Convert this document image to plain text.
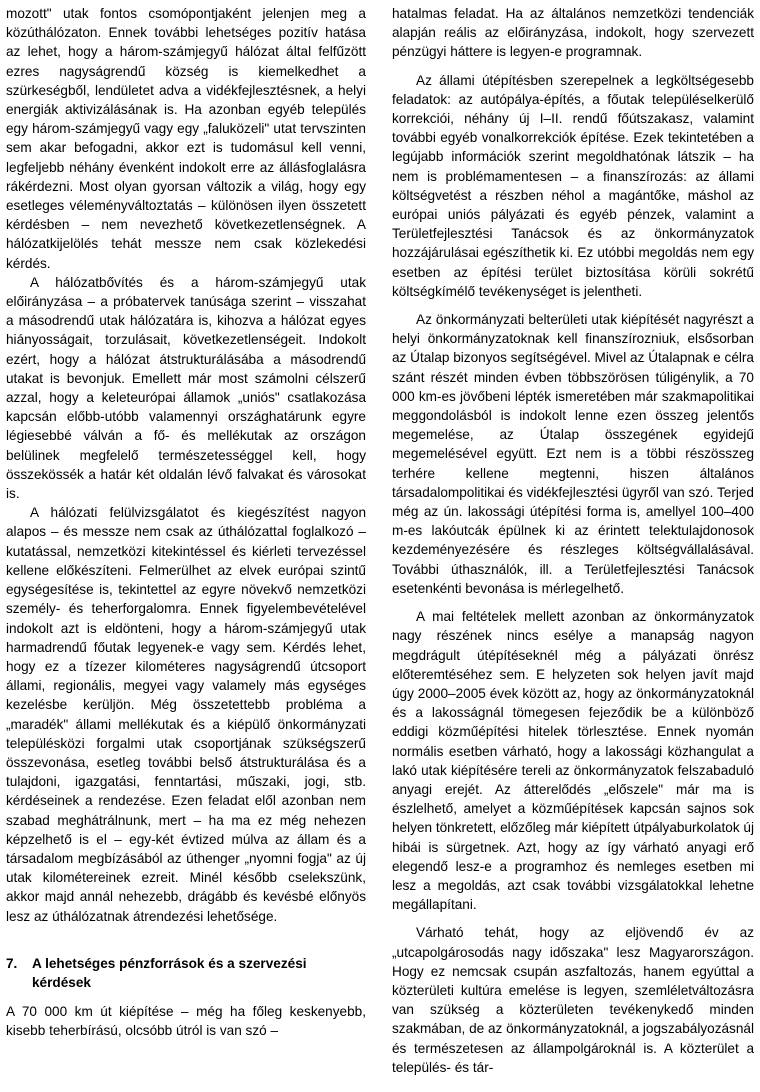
mozott" utak fontos csomópontjaként jelenjen meg a közúthálózaton. Ennek további lehetséges pozitív hatása az lehet, hogy a három-számjegyű hálózat által felfűzött ezres nagyságrendű község is kiemelkedhet a szürkeségből, lendületet adva a vidékfejlesztésnek, a helyi energiák aktivizálásának is. Ha azonban egyéb település egy három-számjegyű vagy egy „faluközeli" utat tervszinten sem akar befogadni, akkor ezt is tudomásul kell venni, legfeljebb néhány évenként indokolt erre az állásfoglalásra rákérdezni. Most olyan gyorsan változik a világ, hogy egy esetleges véleményváltoztatás – különösen ilyen összetett kérdésben – nem nevezhető következetlenségnek. A hálózatkijelölés tehát messze nem csak közlekedési kérdés.

A hálózatbővítés és a három-számjegyű utak előirányzása – a próbatervek tanúsága szerint – visszahat a másodrendű utak hálózatára is, kihozva a hálózat egyes hiányosságait, torzulásait, következetlenségeit. Indokolt ezért, hogy a hálózat átstrukturálásába a másodrendű utakat is bevonjuk. Emellett már most számolni célszerű azzal, hogy a keleteurópai államok „uniós" csatlakozása kapcsán előbb-utóbb valamennyi országhatárunk egyre légiesebbé válván a fő- és mellékutak az országon belülinek megfelelő természetességgel kell, hogy összekössék a határ két oldalán lévő falvakat és városokat is.

A hálózati felülvizsgálatot és kiegészítést nagyon alapos – és messze nem csak az úthálózattal foglalkozó – kutatással, nemzetközi kitekintéssel és kiérleti tervezéssel kellene előkészíteni. Felmerülhet az elvek európai szintű egységesítése is, tekintettel az egyre növekvő nemzetközi személy- és teherforgalomra. Ennek figyelembevételével indokolt azt is eldönteni, hogy a három-számjegyű utak harmadrendű főutak legyenek-e vagy sem. Kérdés lehet, hogy ez a tízezer kilométeres nagyságrendű útcsoport állami, regionális, megyei vagy valamely más egységes kezelésbe kerüljön. Még összetettebb probléma a „maradék" állami mellékutak és a kiépülő önkormányzati településközi forgalmi utak csoportjának szükségszerű összevonása, esetleg további belső átstrukturálása és a tulajdoni, igazgatási, fenntartási, műszaki, jogi, stb. kérdéseinek a rendezése. Ezen feladat elől azonban nem szabad meghátrálnunk, mert – ha ma ez még nehezen képzelhető is el – egy-két évtized múlva az állam és a társadalom megbízásából az úthenger „nyomni fogja" az új utak kilométereinek ezreit. Minél később cselekszünk, akkor majd annál nehezebb, drágább és kevésbé előnyös lesz az úthálózatnak átrendezési lehetősége.

7.	A lehetséges pénzforrások és a szervezési kérdések

A 70 000 km út kiépítése – még ha főleg keskenyebb, kisebb teherbírású, olcsóbb útról is van szó –

hatalmas feladat. Ha az általános nemzetközi tendenciák alapján reális az előirányzása, indokolt, hogy szervezett pénzügyi háttere is legyen-e programnak.

Az állami útépítésben szerepelnek a legköltségesebb feladatok: az autópálya-építés, a főutak településelkerülő korrekciói, néhány új I–II. rendű főútszakasz, valamint további egyéb vonalkorrekciók építése. Ezek tekintetében a legújabb információk szerint megoldhatónak látszik – ha nem is problémamentesen – a finanszírozás: az állami költségvetést a részben néhol a magántőke, máshol az európai uniós pályázati és egyéb pénzek, valamint a Területfejlesztési Tanácsok és az önkormányzatok hozzájárulásai egészíthetik ki. Ez utóbbi megoldás nem egy esetben az építési terület biztosítása körüli sokrétű költségkímélő tevékenységet is jelentheti.

Az önkormányzati belterületi utak kiépítését nagyrészt a helyi önkormányzatoknak kell finanszírozniuk, elsősorban az Útalap bizonyos segítségével. Mivel az Útalapnak e célra szánt részét minden évben többszörösen túligénylik, a 70 000 km-es jövőbeni lépték ismeretében már szakmapolitikai meggondolásból is indokolt lenne ezen összeg jelentős megemelése, az Útalap összegének egyidejű megemelésével együtt. Ezt nem is a többi részösszeg terhére kellene megtenni, hiszen általános társadalompolitikai és vidékfejlesztési ügyről van szó. Terjed még az ún. lakossági útépítési forma is, amellyel 100–400 m-es lakóutcák épülnek ki az érintett telektulajdonosok kezdeményezésére és részleges költségvállalásával. További úthasználók, ill. a Területfejlesztési Tanácsok esetenkénti bevonása is mérlegelhető.

A mai feltételek mellett azonban az önkormányzatok nagy részének nincs esélye a manapság nagyon megdrágult útépítéseknél még a pályázati önrész előteremtéséhez sem. E helyzeten sok helyen javít majd úgy 2000–2005 évek között az, hogy az önkormányzatoknál és a lakosságnál tömegesen fejeződik be a különböző eddigi közműépítési hitelek törlesztése. Ennek nyomán normális esetben várható, hogy a lakossági közhangulat a lakó utak kiépítésére tereli az önkormányzatok felszabaduló anyagi erejét. Az átterelődés „előszele" már ma is észlelhető, amelyet a közműépítések kapcsán sajnos sok helyen tönkretett, előzőleg már kiépített útpályaburkolatok új hibái is sürgetnek. Azt, hogy az így várható anyagi erő elegendő lesz-e a programhoz és nemleges esetben mi lesz a megoldás, azt csak további vizsgálatokkal lehetne megállapítani.

Várható tehát, hogy az eljövendő év az „utcapolgárosodás nagy időszaka" lesz Magyarországon. Hogy ez nemcsak csupán aszfaltozás, hanem egyúttal a közterületi kultúra emelése is legyen, szemléletváltozásra van szükség a közterületen tevékenykedő minden szakmában, de az önkormányzatoknál, a jogszabályozásnál és természetesen az állampolgároknál is. A közterület a település- és tár-
